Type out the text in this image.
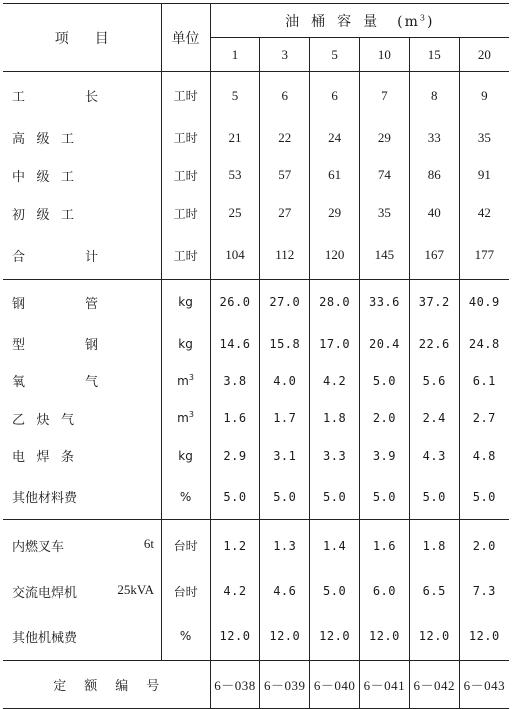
项目	单位	油桶容量 $(m^3)$					
		1	3	5	10	15	20

工 长	工时	5	6	6	7	8	9

高 级 工	工时	21	22	24	29	33	35

中 级 工	工时	53	57	61	74	86	91

初 级 工	工时	25	27	29	35	40	42

合 计	工时	104	112	120	145	167	177

钢 管	kg	26.0	27.0	28.0	33.6	37.2	40.9

型 钢	kg	14.6	15.8	17.0	20.4	22.6	24.8

氧 气	$m^3$	3.8	4.0	4.2	5.0	5.6	6.1

乙 炔 气	$m^3$	1.6	1.7	1.8	2.0	2.4	2.7

电 焊 条	kg	2.9	3.1	3.3	3.9	4.3	4.8
其他材料费	%	5.0	5.0	5.0	5.0	5.0	5.0

内燃叉车 6t	台时	1.2	1.3	1.4	1.6	1.8	2.0

交流电焊机 25kVA	台时	4.2	4.6	5.0	6.0	6.5	7.3
其他机械费	%	12.0	12.0	12.0	12.0	12.0	12.0
定额编号		6－038	6－039	6－040	6－041	6－042	6－043
